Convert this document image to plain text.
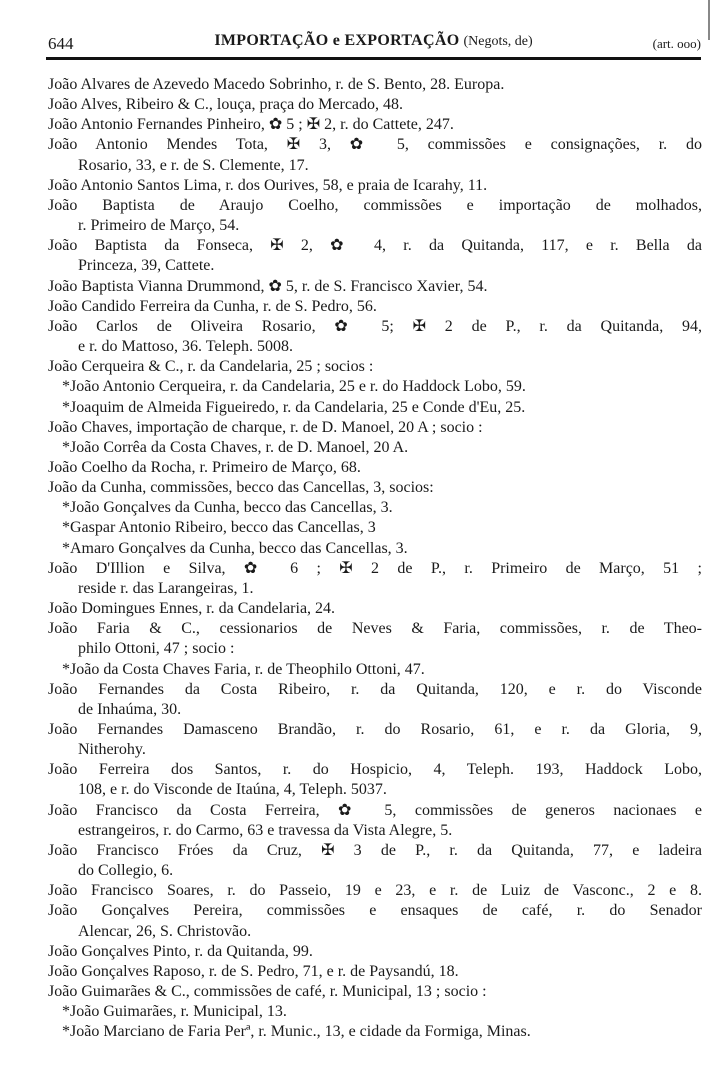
644	IMPORTAÇÃO e EXPORTAÇÃO (Negots, de)	(art. ooo)
João Alvares de Azevedo Macedo Sobrinho, r. de S. Bento, 28. Europa.
João Alves, Ribeiro & C., louça, praça do Mercado, 48.
João Antonio Fernandes Pinheiro, ✿ 5 ; ✠ 2, r. do Cattete, 247.
João Antonio Mendes Tota, ✠ 3, ✿ 5, commissões e consignações, r. do
Rosario, 33, e r. de S. Clemente, 17.
João Antonio Santos Lima, r. dos Ourives, 58, e praia de Icarahy, 11.
João Baptista de Araujo Coelho, commissões e importação de molhados,
r. Primeiro de Março, 54.
João Baptista da Fonseca, ✠ 2, ✿ 4, r. da Quitanda, 117, e r. Bella da
Princeza, 39, Cattete.
João Baptista Vianna Drummond, ✿ 5, r. de S. Francisco Xavier, 54.
João Candido Ferreira da Cunha, r. de S. Pedro, 56.
João Carlos de Oliveira Rosario, ✿ 5; ✠ 2 de P., r. da Quitanda, 94,
e r. do Mattoso, 36. Teleph. 5008.
João Cerqueira & C., r. da Candelaria, 25 ; socios :
*João Antonio Cerqueira, r. da Candelaria, 25 e r. do Haddock Lobo, 59.
*Joaquim de Almeida Figueiredo, r. da Candelaria, 25 e Conde d'Eu, 25.
João Chaves, importação de charque, r. de D. Manoel, 20 A ; socio :
*João Corrêa da Costa Chaves, r. de D. Manoel, 20 A.
João Coelho da Rocha, r. Primeiro de Março, 68.
João da Cunha, commissões, becco das Cancellas, 3, socios:
*João Gonçalves da Cunha, becco das Cancellas, 3.
*Gaspar Antonio Ribeiro, becco das Cancellas, 3
*Amaro Gonçalves da Cunha, becco das Cancellas, 3.
João D'Illion e Silva, ✿ 6 ; ✠ 2 de P., r. Primeiro de Março, 51 ;
reside r. das Larangeiras, 1.
João Domingues Ennes, r. da Candelaria, 24.
João Faria & C., cessionarios de Neves & Faria, commissões, r. de Theo-
philo Ottoni, 47 ; socio :
*João da Costa Chaves Faria, r. de Theophilo Ottoni, 47.
João Fernandes da Costa Ribeiro, r. da Quitanda, 120, e r. do Visconde
de Inhaúma, 30.
João Fernandes Damasceno Brandão, r. do Rosario, 61, e r. da Gloria, 9,
Nitherohy.
João Ferreira dos Santos, r. do Hospicio, 4, Teleph. 193, Haddock Lobo,
108, e r. do Visconde de Itaúna, 4, Teleph. 5037.
João Francisco da Costa Ferreira, ✿ 5, commissões de generos nacionaes e
estrangeiros, r. do Carmo, 63 e travessa da Vista Alegre, 5.
João Francisco Fróes da Cruz, ✠ 3 de P., r. da Quitanda, 77, e ladeira
do Collegio, 6.
João Francisco Soares, r. do Passeio, 19 e 23, e r. de Luiz de Vasconc., 2 e 8.
João Gonçalves Pereira, commissões e ensaques de café, r. do Senador
Alencar, 26, S. Christovão.
João Gonçalves Pinto, r. da Quitanda, 99.
João Gonçalves Raposo, r. de S. Pedro, 71, e r. de Paysandú, 18.
João Guimarães & C., commissões de café, r. Municipal, 13 ; socio :
*João Guimarães, r. Municipal, 13.
*João Marciano de Faria Perª, r. Munic., 13, e cidade da Formiga, Minas.
